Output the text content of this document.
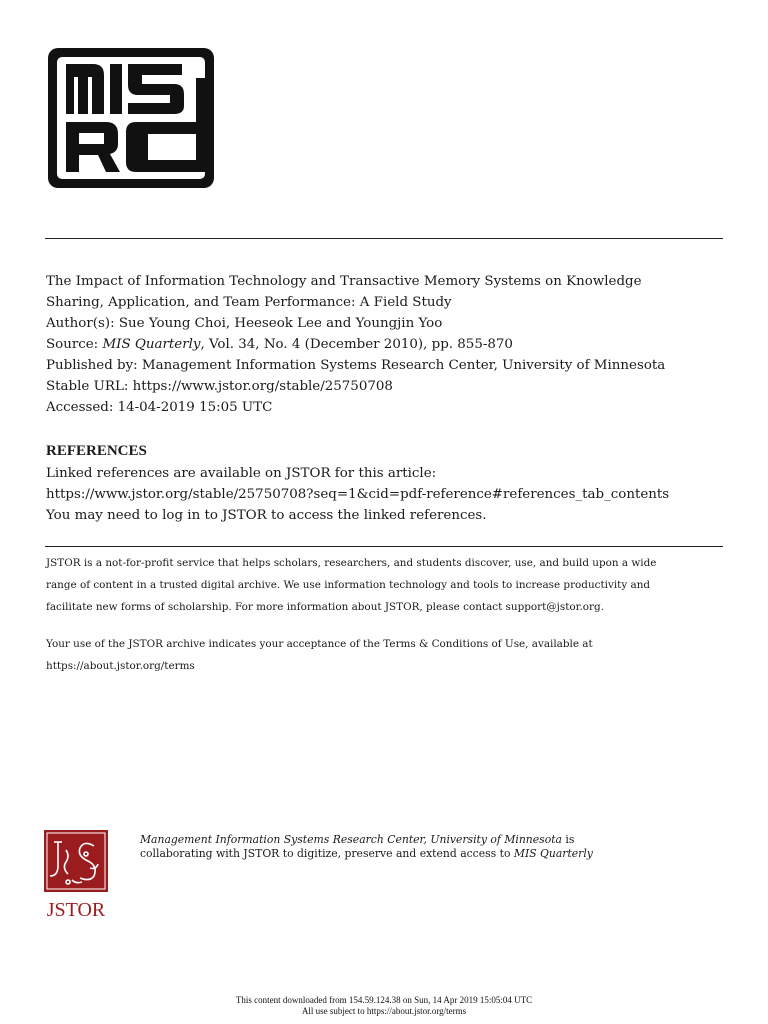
The Impact of Information Technology and Transactive Memory Systems on Knowledge
Sharing, Application, and Team Performance: A Field Study
Author(s): Sue Young Choi, Heeseok Lee and Youngjin Yoo
Source: MIS Quarterly, Vol. 34, No. 4 (December 2010), pp. 855-870
Published by: Management Information Systems Research Center, University of Minnesota
Stable URL: https://www.jstor.org/stable/25750708
Accessed: 14-04-2019 15:05 UTC
REFERENCES
Linked references are available on JSTOR for this article:
https://www.jstor.org/stable/25750708?seq=1&cid=pdf-reference#references_tab_contents
You may need to log in to JSTOR to access the linked references.
JSTOR is a not-for-profit service that helps scholars, researchers, and students discover, use, and build upon a wide
range of content in a trusted digital archive. We use information technology and tools to increase productivity and
facilitate new forms of scholarship. For more information about JSTOR, please contact support@jstor.org.
Your use of the JSTOR archive indicates your acceptance of the Terms & Conditions of Use, available at
https://about.jstor.org/terms
JSTOR
Management Information Systems Research Center, University of Minnesota is
collaborating with JSTOR to digitize, preserve and extend access to MIS Quarterly
This content downloaded from 154.59.124.38 on Sun, 14 Apr 2019 15:05:04 UTC
All use subject to https://about.jstor.org/terms
